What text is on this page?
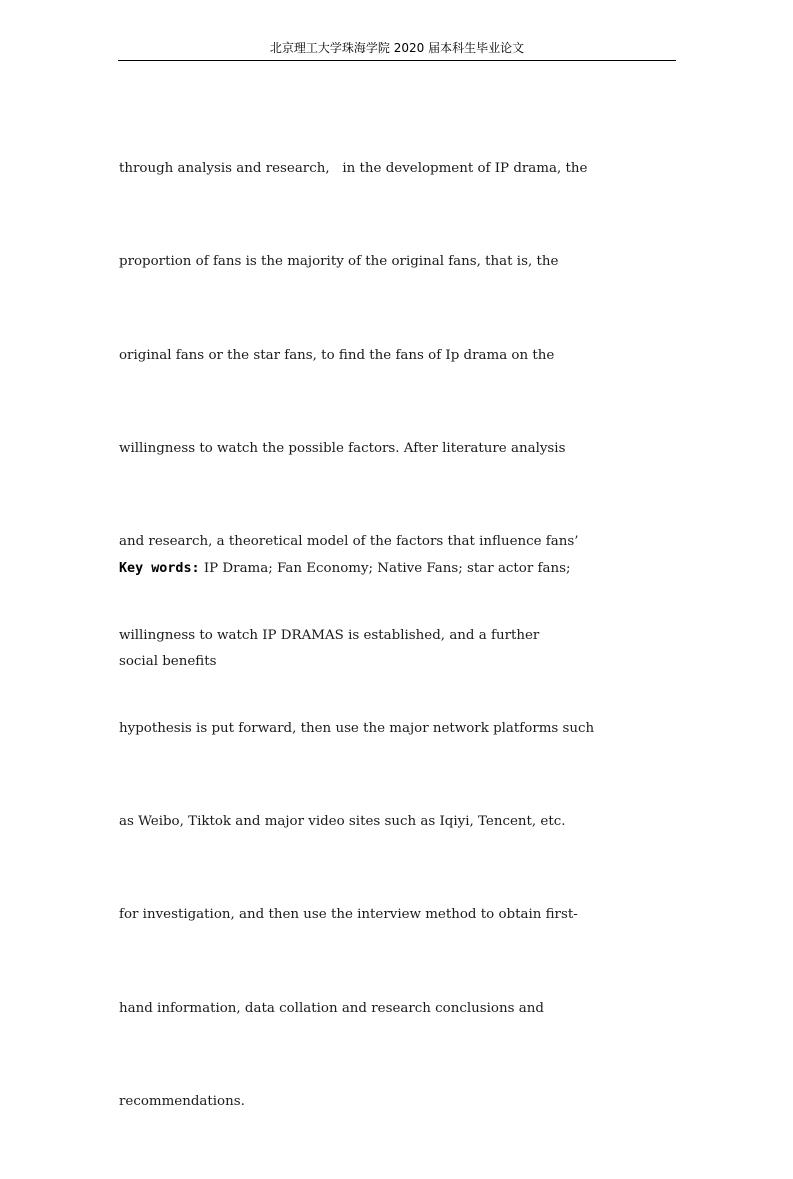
北京理工大学珠海学院 2020 届本科生毕业论文

through analysis and research,   in the development of IP drama, the

proportion of fans is the majority of the original fans, that is, the

original fans or the star fans, to find the fans of Ip drama on the

willingness to watch the possible factors. After literature analysis

and research, a theoretical model of the factors that influence fans’

willingness to watch IP DRAMAS is established, and a further

hypothesis is put forward, then use the major network platforms such

as Weibo, Tiktok and major video sites such as Iqiyi, Tencent, etc.

for investigation, and then use the interview method to obtain first-

hand information, data collation and research conclusions and

recommendations.

Key words: IP Drama; Fan Economy; Native Fans; star actor fans;

social benefits
